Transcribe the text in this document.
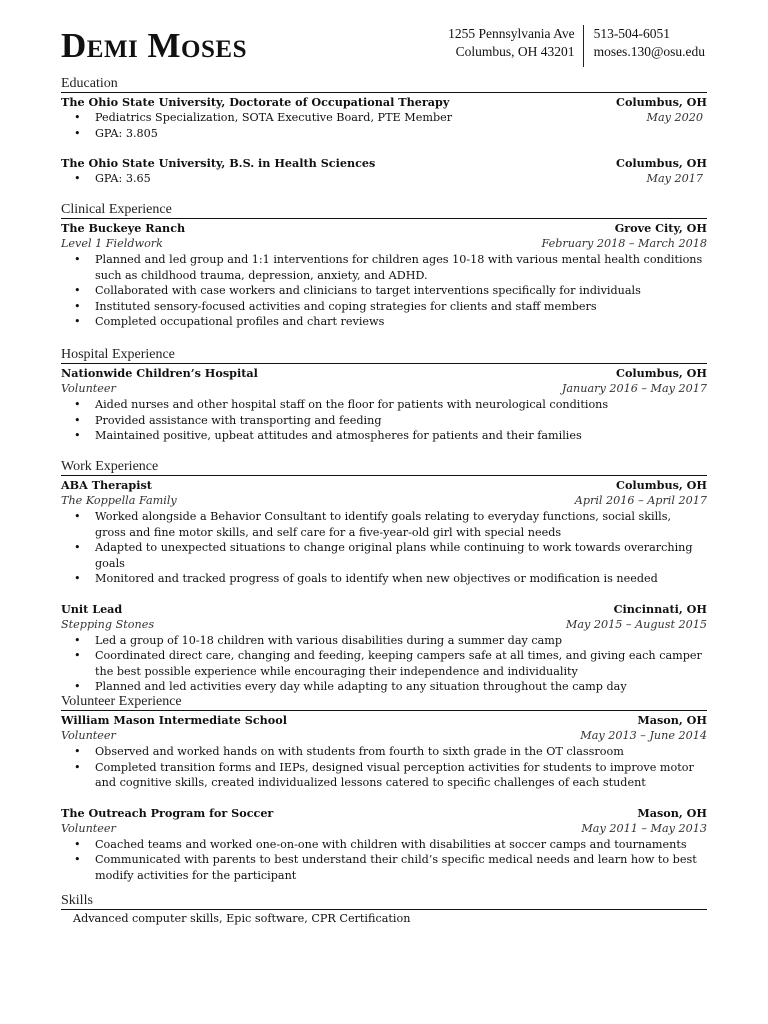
Demi Moses	1255 Pennsylvania Ave
Columbus, OH 43201
513-504-6051
moses.130@osu.edu
Education
The Ohio State University, Doctorate of Occupational Therapy	Columbus, OH
• Pediatrics Specialization, SOTA Executive Board, PTE Member	May 2020
• GPA: 3.805
The Ohio State University, B.S. in Health Sciences	Columbus, OH
• GPA: 3.65	May 2017
Clinical Experience
The Buckeye Ranch	Grove City, OH
Level 1 Fieldwork	February 2018 – March 2018
• Planned and led group and 1:1 interventions for children ages 10-18 with various mental health conditions such as childhood trauma, depression, anxiety, and ADHD.
• Collaborated with case workers and clinicians to target interventions specifically for individuals
• Instituted sensory-focused activities and coping strategies for clients and staff members
• Completed occupational profiles and chart reviews
Hospital Experience
Nationwide Children’s Hospital	Columbus, OH
Volunteer	January 2016 – May 2017
• Aided nurses and other hospital staff on the floor for patients with neurological conditions
• Provided assistance with transporting and feeding
• Maintained positive, upbeat attitudes and atmospheres for patients and their families
Work Experience
ABA Therapist	Columbus, OH
The Koppella Family	April 2016 – April 2017
• Worked alongside a Behavior Consultant to identify goals relating to everyday functions, social skills, gross and fine motor skills, and self care for a five-year-old girl with special needs
• Adapted to unexpected situations to change original plans while continuing to work towards overarching goals
• Monitored and tracked progress of goals to identify when new objectives or modification is needed
Unit Lead	Cincinnati, OH
Stepping Stones	May 2015 – August 2015
• Led a group of 10-18 children with various disabilities during a summer day camp
• Coordinated direct care, changing and feeding, keeping campers safe at all times, and giving each camper the best possible experience while encouraging their independence and individuality
• Planned and led activities every day while adapting to any situation throughout the camp day
Volunteer Experience
William Mason Intermediate School	Mason, OH
Volunteer	May 2013 – June 2014
• Observed and worked hands on with students from fourth to sixth grade in the OT classroom
• Completed transition forms and IEPs, designed visual perception activities for students to improve motor and cognitive skills, created individualized lessons catered to specific challenges of each student
The Outreach Program for Soccer	Mason, OH
Volunteer	May 2011 – May 2013
• Coached teams and worked one-on-one with children with disabilities at soccer camps and tournaments
• Communicated with parents to best understand their child’s specific medical needs and learn how to best modify activities for the participant
Skills
Advanced computer skills, Epic software, CPR Certification
